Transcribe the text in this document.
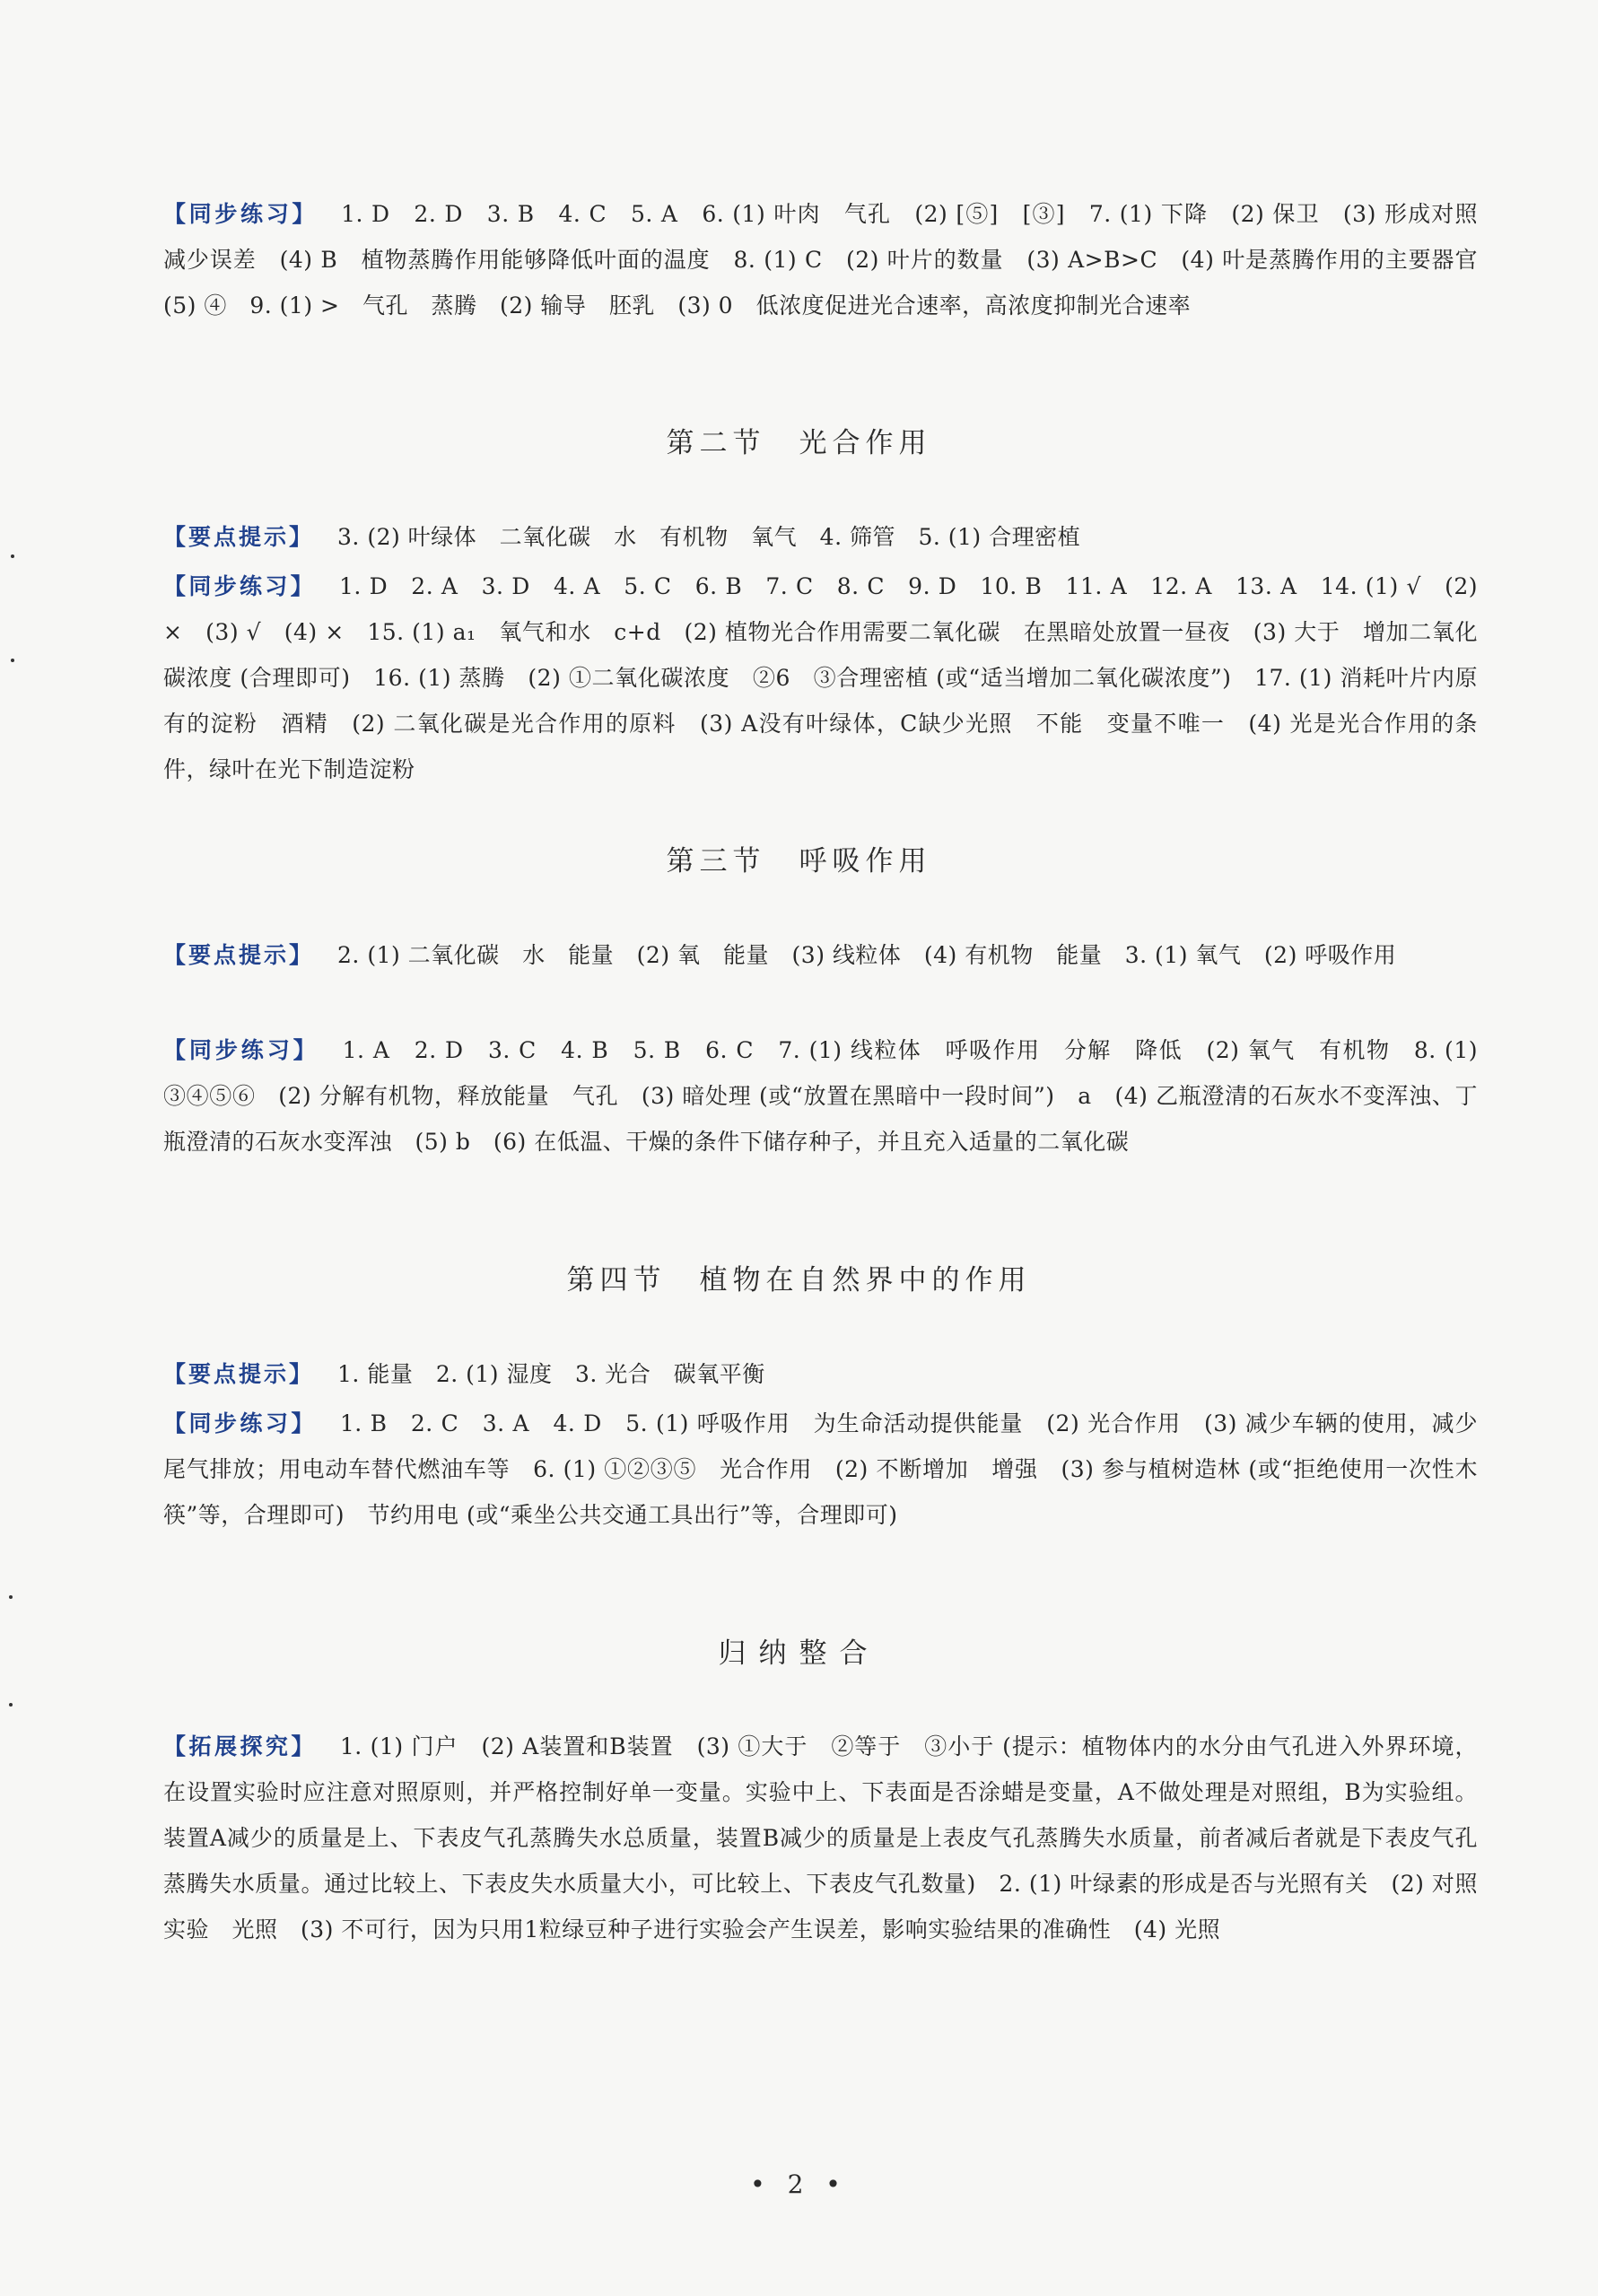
【同步练习】 1. D　2. D　3. B　4. C　5. A　6. (1) 叶肉　气孔　(2) [⑤]　[③]　7. (1) 下降　(2) 保卫　(3) 形成对照　减少误差　(4) B　植物蒸腾作用能够降低叶面的温度　8. (1) C　(2) 叶片的数量　(3) A>B>C　(4) 叶是蒸腾作用的主要器官　(5) ④　9. (1) >　气孔　蒸腾　(2) 输导　胚乳　(3) 0　低浓度促进光合速率，高浓度抑制光合速率
第二节　光合作用
【要点提示】 3. (2) 叶绿体　二氧化碳　水　有机物　氧气　4. 筛管　5. (1) 合理密植
【同步练习】 1. D　2. A　3. D　4. A　5. C　6. B　7. C　8. C　9. D　10. B　11. A　12. A　13. A　14. (1) √　(2) ×　(3) √　(4) ×　15. (1) a₁　氧气和水　c+d　(2) 植物光合作用需要二氧化碳　在黑暗处放置一昼夜　(3) 大于　增加二氧化碳浓度 (合理即可)　16. (1) 蒸腾　(2) ①二氧化碳浓度　②6　③合理密植 (或“适当增加二氧化碳浓度”)　17. (1) 消耗叶片内原有的淀粉　酒精　(2) 二氧化碳是光合作用的原料　(3) A没有叶绿体，C缺少光照　不能　变量不唯一　(4) 光是光合作用的条件，绿叶在光下制造淀粉
第三节　呼吸作用
【要点提示】 2. (1) 二氧化碳　水　能量　(2) 氧　能量　(3) 线粒体　(4) 有机物　能量　3. (1) 氧气　(2) 呼吸作用
【同步练习】 1. A　2. D　3. C　4. B　5. B　6. C　7. (1) 线粒体　呼吸作用　分解　降低　(2) 氧气　有机物　8. (1) ③④⑤⑥　(2) 分解有机物，释放能量　气孔　(3) 暗处理 (或“放置在黑暗中一段时间”)　a　(4) 乙瓶澄清的石灰水不变浑浊、丁瓶澄清的石灰水变浑浊　(5) b　(6) 在低温、干燥的条件下储存种子，并且充入适量的二氧化碳
第四节　植物在自然界中的作用
【要点提示】 1. 能量　2. (1) 湿度　3. 光合　碳氧平衡
【同步练习】 1. B　2. C　3. A　4. D　5. (1) 呼吸作用　为生命活动提供能量　(2) 光合作用　(3) 减少车辆的使用，减少尾气排放；用电动车替代燃油车等　6. (1) ①②③⑤　光合作用　(2) 不断增加　增强　(3) 参与植树造林 (或“拒绝使用一次性木筷”等，合理即可)　节约用电 (或“乘坐公共交通工具出行”等，合理即可)
归纳整合
【拓展探究】 1. (1) 门户　(2) A装置和B装置　(3) ①大于　②等于　③小于 (提示：植物体内的水分由气孔进入外界环境，在设置实验时应注意对照原则，并严格控制好单一变量。实验中上、下表面是否涂蜡是变量，A不做处理是对照组，B为实验组。装置A减少的质量是上、下表皮气孔蒸腾失水总质量，装置B减少的质量是上表皮气孔蒸腾失水质量，前者减后者就是下表皮气孔蒸腾失水质量。通过比较上、下表皮失水质量大小，可比较上、下表皮气孔数量)　2. (1) 叶绿素的形成是否与光照有关　(2) 对照实验　光照　(3) 不可行，因为只用1粒绿豆种子进行实验会产生误差，影响实验结果的准确性　(4) 光照
• 2 •
